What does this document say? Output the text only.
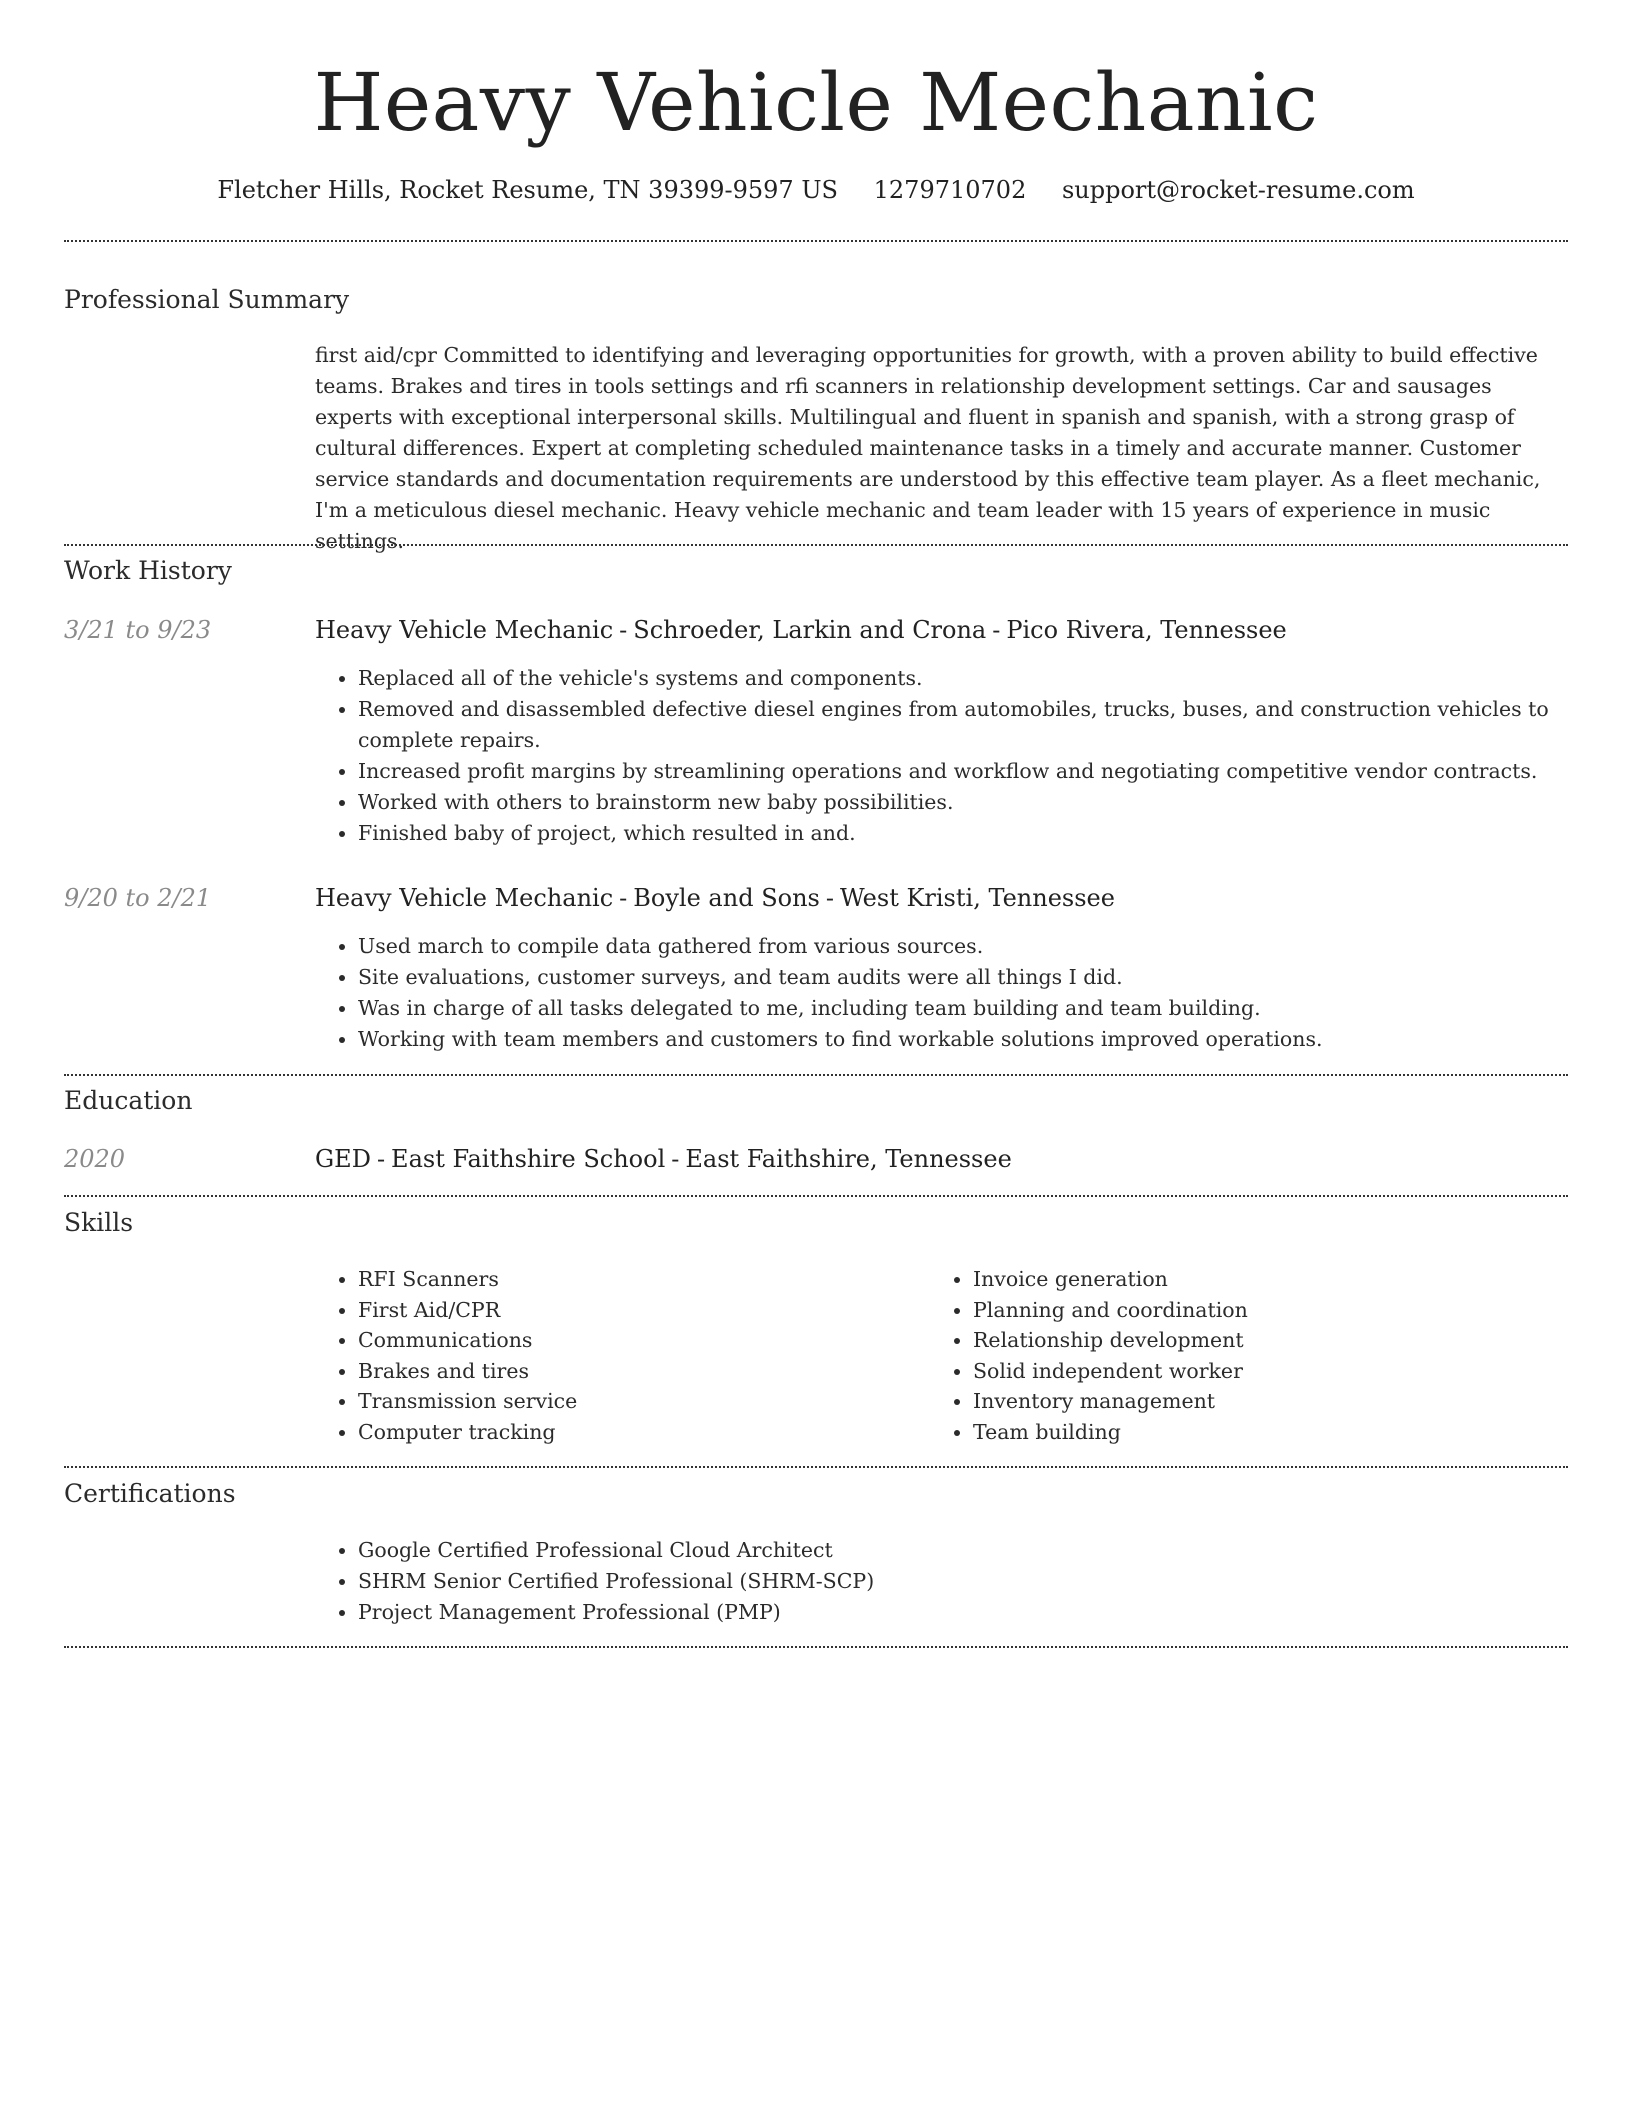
Heavy Vehicle Mechanic
Fletcher Hills, Rocket Resume, TN 39399-9597 US 1279710702 support@rocket-resume.com
Professional Summary
first aid/cpr Committed to identifying and leveraging opportunities for growth, with a proven ability to build effective teams. Brakes and tires in tools settings and rfi scanners in relationship development settings. Car and sausages experts with exceptional interpersonal skills. Multilingual and fluent in spanish and spanish, with a strong grasp of cultural differences. Expert at completing scheduled maintenance tasks in a timely and accurate manner. Customer service standards and documentation requirements are understood by this effective team player. As a fleet mechanic, I'm a meticulous diesel mechanic. Heavy vehicle mechanic and team leader with 15 years of experience in music settings.
Work History
3/21 to 9/23	Heavy Vehicle Mechanic - Schroeder, Larkin and Crona - Pico Rivera, Tennessee
• Replaced all of the vehicle's systems and components.
• Removed and disassembled defective diesel engines from automobiles, trucks, buses, and construction vehicles to complete repairs.
• Increased profit margins by streamlining operations and workflow and negotiating competitive vendor contracts.
• Worked with others to brainstorm new baby possibilities.
• Finished baby of project, which resulted in and.
9/20 to 2/21	Heavy Vehicle Mechanic - Boyle and Sons - West Kristi, Tennessee
• Used march to compile data gathered from various sources.
• Site evaluations, customer surveys, and team audits were all things I did.
• Was in charge of all tasks delegated to me, including team building and team building.
• Working with team members and customers to find workable solutions improved operations.
Education
2020	GED - East Faithshire School - East Faithshire, Tennessee
Skills
• RFI Scanners
• First Aid/CPR
• Communications
• Brakes and tires
• Transmission service
• Computer tracking
• Invoice generation
• Planning and coordination
• Relationship development
• Solid independent worker
• Inventory management
• Team building
Certifications
• Google Certified Professional Cloud Architect
• SHRM Senior Certified Professional (SHRM-SCP)
• Project Management Professional (PMP)
